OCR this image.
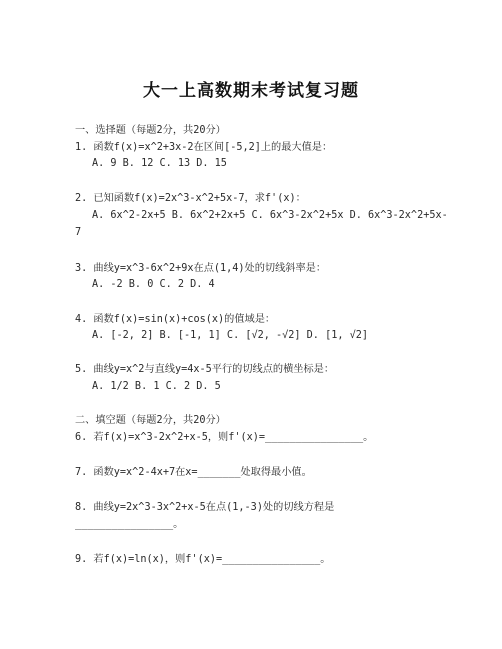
大一上高数期末考试复习题
一、选择题（每题2分，共20分）
1. 函数f(x)=x^2+3x-2在区间[-5,2]上的最大值是：
A. 9 B. 12 C. 13 D. 15
2. 已知函数f(x)=2x^3-x^2+5x-7，求f'(x)：
A. 6x^2-2x+5 B. 6x^2+2x+5 C. 6x^3-2x^2+5x D. 6x^3-2x^2+5x-
7
3. 曲线y=x^3-6x^2+9x在点(1,4)处的切线斜率是：
A. -2 B. 0 C. 2 D. 4
4. 函数f(x)=sin(x)+cos(x)的值域是：
A. [-2, 2] B. [-1, 1] C. [√2, -√2] D. [1, √2]
5. 曲线y=x^2与直线y=4x-5平行的切线点的横坐标是：
A. 1/2 B. 1 C. 2 D. 5
二、填空题（每题2分，共20分）
6. 若f(x)=x^3-2x^2+x-5，则f'(x)=________________。
7. 函数y=x^2-4x+7在x=_______处取得最小值。
8. 曲线y=2x^3-3x^2+x-5在点(1,-3)处的切线方程是
________________。
9. 若f(x)=ln(x)，则f'(x)=________________。
